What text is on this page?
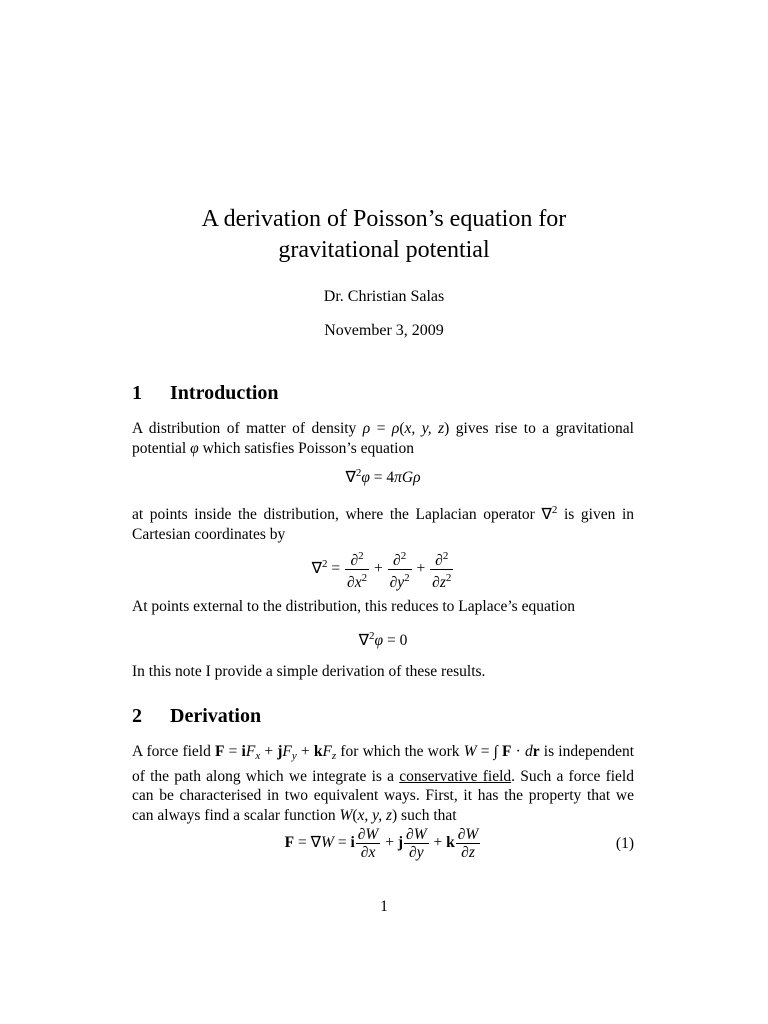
A derivation of Poisson’s equation for
gravitational potential
Dr. Christian Salas
November 3, 2009
1 Introduction
A distribution of matter of density ρ = ρ(x, y, z) gives rise to a gravitational potential φ which satisfies Poisson’s equation
∇$^2$φ = 4πGρ
at points inside the distribution, where the Laplacian operator ∇$^2$ is given in Cartesian coordinates by
$\nabla^2 = \frac{\partial^2}{\partial x^2} + \frac{\partial^2}{\partial y^2} + \frac{\partial^2}{\partial z^2}$
At points external to the distribution, this reduces to Laplace’s equation
∇$^2$φ = 0
In this note I provide a simple derivation of these results.
2 Derivation
A force field $F = iF_x + jF_y + kF_z$ for which the work W = ∫ F · dr is independent of the path along which we integrate is a conservative field. Such a force field can be characterised in two equivalent ways. First, it has the property that we can always find a scalar function W(x, y, z) such that
F = ∇W = i $\frac{\partial W}{\partial x} + j \frac{\partial W}{\partial y} + k \frac{\partial W}{\partial z}$	(1)
1
